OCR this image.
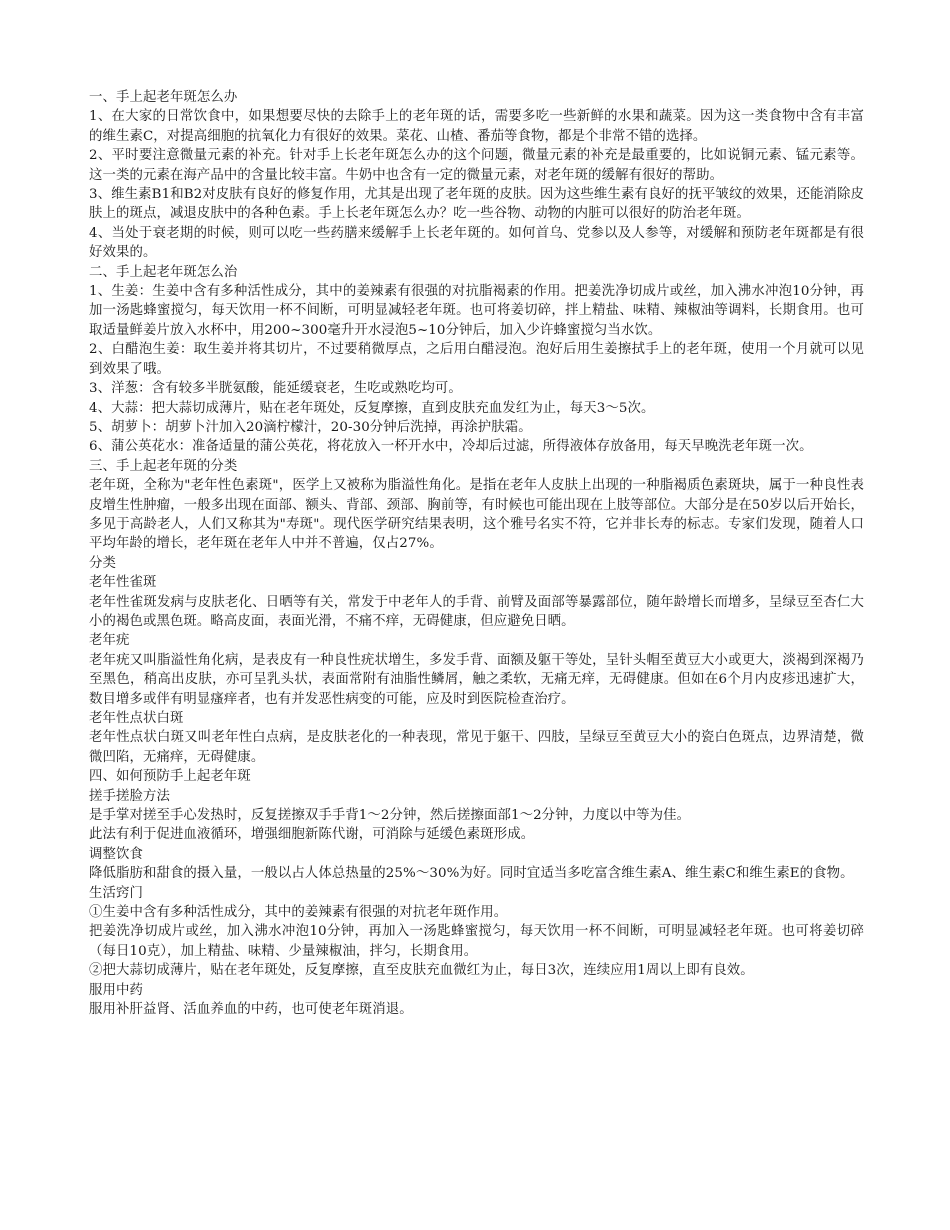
一、手上起老年斑怎么办

1、在大家的日常饮食中，如果想要尽快的去除手上的老年斑的话，需要多吃一些新鲜的水果和蔬菜。因为这一类食物中含有丰富的维生素C，对提高细胞的抗氧化力有很好的效果。菜花、山楂、番茄等食物，都是个非常不错的选择。

2、平时要注意微量元素的补充。针对手上长老年斑怎么办的这个问题，微量元素的补充是最重要的，比如说铜元素、锰元素等。这一类的元素在海产品中的含量比较丰富。牛奶中也含有一定的微量元素，对老年斑的缓解有很好的帮助。

3、维生素B1和B2对皮肤有良好的修复作用，尤其是出现了老年斑的皮肤。因为这些维生素有良好的抚平皱纹的效果，还能消除皮肤上的斑点，减退皮肤中的各种色素。手上长老年斑怎么办？吃一些谷物、动物的内脏可以很好的防治老年斑。

4、当处于衰老期的时候，则可以吃一些药膳来缓解手上长老年斑的。如何首乌、党参以及人参等，对缓解和预防老年斑都是有很好效果的。

二、手上起老年斑怎么治

1、生姜：生姜中含有多种活性成分，其中的姜辣素有很强的对抗脂褐素的作用。把姜洗净切成片或丝，加入沸水冲泡10分钟，再加一汤匙蜂蜜搅匀，每天饮用一杯不间断，可明显减轻老年斑。也可将姜切碎，拌上精盐、味精、辣椒油等调料，长期食用。也可取适量鲜姜片放入水杯中，用200~300毫升开水浸泡5~10分钟后，加入少许蜂蜜搅匀当水饮。

2、白醋泡生姜：取生姜并将其切片，不过要稍微厚点，之后用白醋浸泡。泡好后用生姜擦拭手上的老年斑，使用一个月就可以见到效果了哦。

3、洋葱：含有较多半胱氨酸，能延缓衰老，生吃或熟吃均可。

4、大蒜：把大蒜切成薄片，贴在老年斑处，反复摩擦，直到皮肤充血发红为止，每天3～5次。

5、胡萝卜：胡萝卜汁加入20滴柠檬汁，20-30分钟后洗掉，再涂护肤霜。

6、蒲公英花水：准备适量的蒲公英花，将花放入一杯开水中，冷却后过滤，所得液体存放备用，每天早晚洗老年斑一次。

三、手上起老年斑的分类

老年斑，全称为"老年性色素斑"，医学上又被称为脂溢性角化。是指在老年人皮肤上出现的一种脂褐质色素斑块，属于一种良性表皮增生性肿瘤，一般多出现在面部、额头、背部、颈部、胸前等，有时候也可能出现在上肢等部位。大部分是在50岁以后开始长，多见于高龄老人，人们又称其为"寿斑"。现代医学研究结果表明，这个雅号名实不符，它并非长寿的标志。专家们发现，随着人口平均年龄的增长，老年斑在老年人中并不普遍，仅占27%。

分类

老年性雀斑

老年性雀斑发病与皮肤老化、日晒等有关，常发于中老年人的手背、前臂及面部等暴露部位，随年龄增长而增多，呈绿豆至杏仁大小的褐色或黑色斑。略高皮面，表面光滑，不痛不痒，无碍健康，但应避免日晒。

老年疣

老年疣又叫脂溢性角化病，是表皮有一种良性疣状增生，多发手背、面额及躯干等处，呈针头帽至黄豆大小或更大，淡褐到深褐乃至黑色，稍高出皮肤，亦可呈乳头状，表面常附有油脂性鳞屑，触之柔软，无痛无痒，无碍健康。但如在6个月内皮疹迅速扩大，数目增多或伴有明显瘙痒者，也有并发恶性病变的可能，应及时到医院检查治疗。

老年性点状白斑

老年性点状白斑又叫老年性白点病，是皮肤老化的一种表现，常见于躯干、四肢，呈绿豆至黄豆大小的瓷白色斑点，边界清楚，微微凹陷，无痛痒，无碍健康。

四、如何预防手上起老年斑

搓手搓脸方法

是手掌对搓至手心发热时，反复搓擦双手手背1～2分钟，然后搓擦面部1～2分钟，力度以中等为佳。

此法有利于促进血液循环，增强细胞新陈代谢，可消除与延缓色素斑形成。

调整饮食

降低脂肪和甜食的摄入量，一般以占人体总热量的25%～30%为好。同时宜适当多吃富含维生素A、维生素C和维生素E的食物。

生活窍门

①生姜中含有多种活性成分，其中的姜辣素有很强的对抗老年斑作用。

把姜洗净切成片或丝，加入沸水冲泡10分钟，再加入一汤匙蜂蜜搅匀，每天饮用一杯不间断，可明显减轻老年斑。也可将姜切碎（每日10克），加上精盐、味精、少量辣椒油，拌匀，长期食用。

②把大蒜切成薄片，贴在老年斑处，反复摩擦，直至皮肤充血微红为止，每日3次，连续应用1周以上即有良效。

服用中药

服用补肝益肾、活血养血的中药，也可使老年斑消退。
